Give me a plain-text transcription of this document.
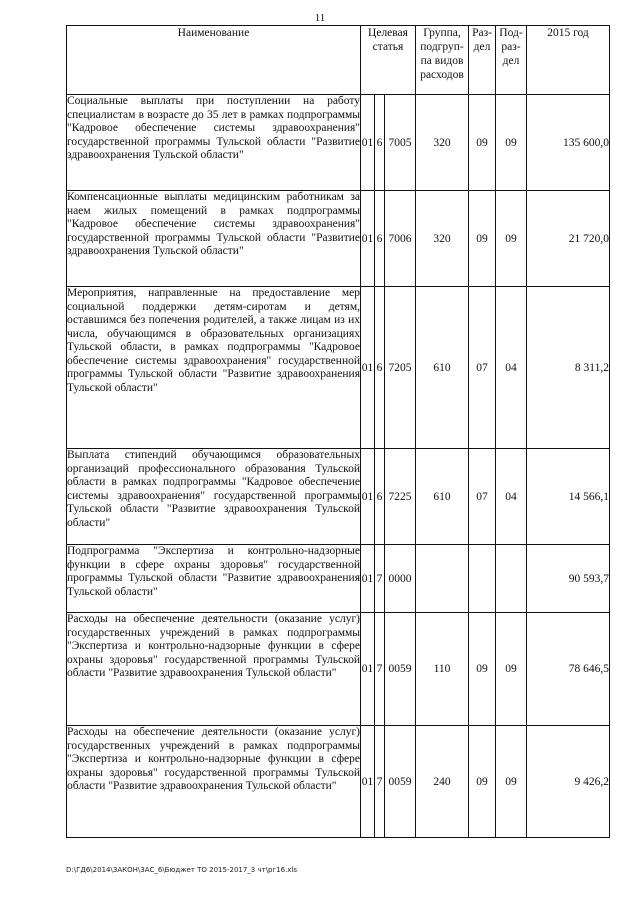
11
Наименование	Целевая статья			Группа, подгруп-па видов расходов	Раз-дел	Под-раз-дел	2015 год
Социальные выплаты при поступлении на работу специалистам в возрасте до 35 лет в рамках подпрограммы "Кадровое обеспечение системы здравоохранения" государственной программы Тульской области "Развитие здравоохранения Тульской области"	01	6	7005	320	09	09	135 600,0
Компенсационные выплаты медицинским работникам за наем жилых помещений в рамках подпрограммы "Кадровое обеспечение системы здравоохранения" государственной программы Тульской области "Развитие здравоохранения Тульской области"	01	6	7006	320	09	09	21 720,0
Мероприятия, направленные на предоставление мер социальной поддержки детям-сиротам и детям, оставшимся без попечения родителей, а также лицам из их числа, обучающимся в образовательных организациях Тульской области, в рамках подпрограммы "Кадровое обеспечение системы здравоохранения" государственной программы Тульской области "Развитие здравоохранения Тульской области"	01	6	7205	610	07	04	8 311,2
Выплата стипендий обучающимся образовательных организаций профессионального образования Тульской области в рамках подпрограммы "Кадровое обеспечение системы здравоохранения" государственной программы Тульской области "Развитие здравоохранения Тульской области"	01	6	7225	610	07	04	14 566,1
Подпрограмма "Экспертиза и контрольно-надзорные функции в сфере охраны здоровья" государственной программы Тульской области "Развитие здравоохранения Тульской области"	01	7	0000				90 593,7
Расходы на обеспечение деятельности (оказание услуг) государственных учреждений в рамках подпрограммы "Экспертиза и контрольно-надзорные функции в сфере охраны здоровья" государственной программы Тульской области "Развитие здравоохранения Тульской области"	01	7	0059	110	09	09	78 646,5
Расходы на обеспечение деятельности (оказание услуг) государственных учреждений в рамках подпрограммы "Экспертиза и контрольно-надзорные функции в сфере охраны здоровья" государственной программы Тульской области "Развитие здравоохранения Тульской области"	01	7	0059	240	09	09	9 426,2
D:\ГД6\2014\ЗАКОН\ЗАС_6\Бюджет ТО 2015-2017_3 чт\рг16.xls
